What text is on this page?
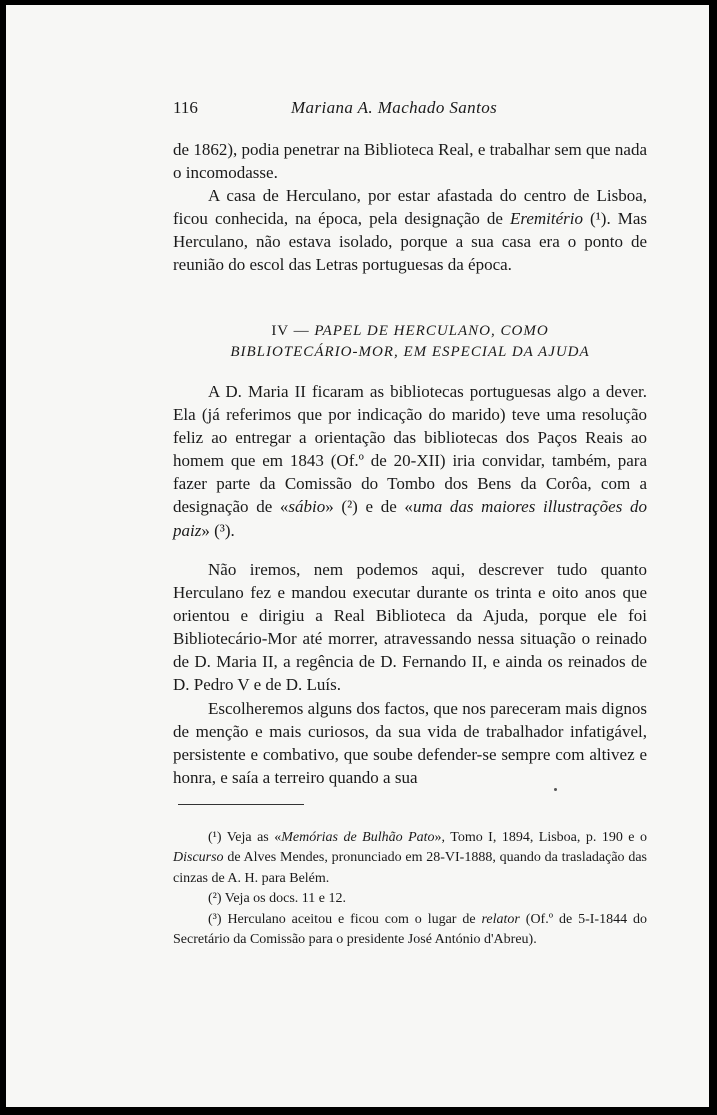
116	Mariana A. Machado Santos

de 1862), podia penetrar na Biblioteca Real, e trabalhar sem que nada o incomodasse.

A casa de Herculano, por estar afastada do centro de Lisboa, ficou conhecida, na época, pela designação de Eremitério (¹). Mas Herculano, não estava isolado, porque a sua casa era o ponto de reunião do escol das Letras portuguesas da época.

IV — PAPEL DE HERCULANO, COMO
BIBLIOTECÁRIO-MOR, EM ESPECIAL DA AJUDA

A D. Maria II ficaram as bibliotecas portuguesas algo a dever. Ela (já referimos que por indicação do marido) teve uma resolução feliz ao entregar a orientação das bibliotecas dos Paços Reais ao homem que em 1843 (Of.º de 20-XII) iria convidar, também, para fazer parte da Comissão do Tombo dos Bens da Corôa, com a designação de «sábio» (²) e de «uma das maiores illustrações do paiz» (³).

Não iremos, nem podemos aqui, descrever tudo quanto Herculano fez e mandou executar durante os trinta e oito anos que orientou e dirigiu a Real Biblioteca da Ajuda, porque ele foi Bibliotecário-Mor até morrer, atravessando nessa situação o reinado de D. Maria II, a regência de D. Fernando II, e ainda os reinados de D. Pedro V e de D. Luís.

Escolheremos alguns dos factos, que nos pareceram mais dignos de menção e mais curiosos, da sua vida de trabalhador infatigável, persistente e combativo, que soube defender-se sempre com altivez e honra, e saía a terreiro quando a sua

(¹) Veja as «Memórias de Bulhão Pato», Tomo I, 1894, Lisboa, p. 190 e o Discurso de Alves Mendes, pronunciado em 28-VI-1888, quando da trasladação das cinzas de A. H. para Belém.

(²) Veja os docs. 11 e 12.

(³) Herculano aceitou e ficou com o lugar de relator (Of.º de 5-I-1844 do Secretário da Comissão para o presidente José António d'Abreu).
